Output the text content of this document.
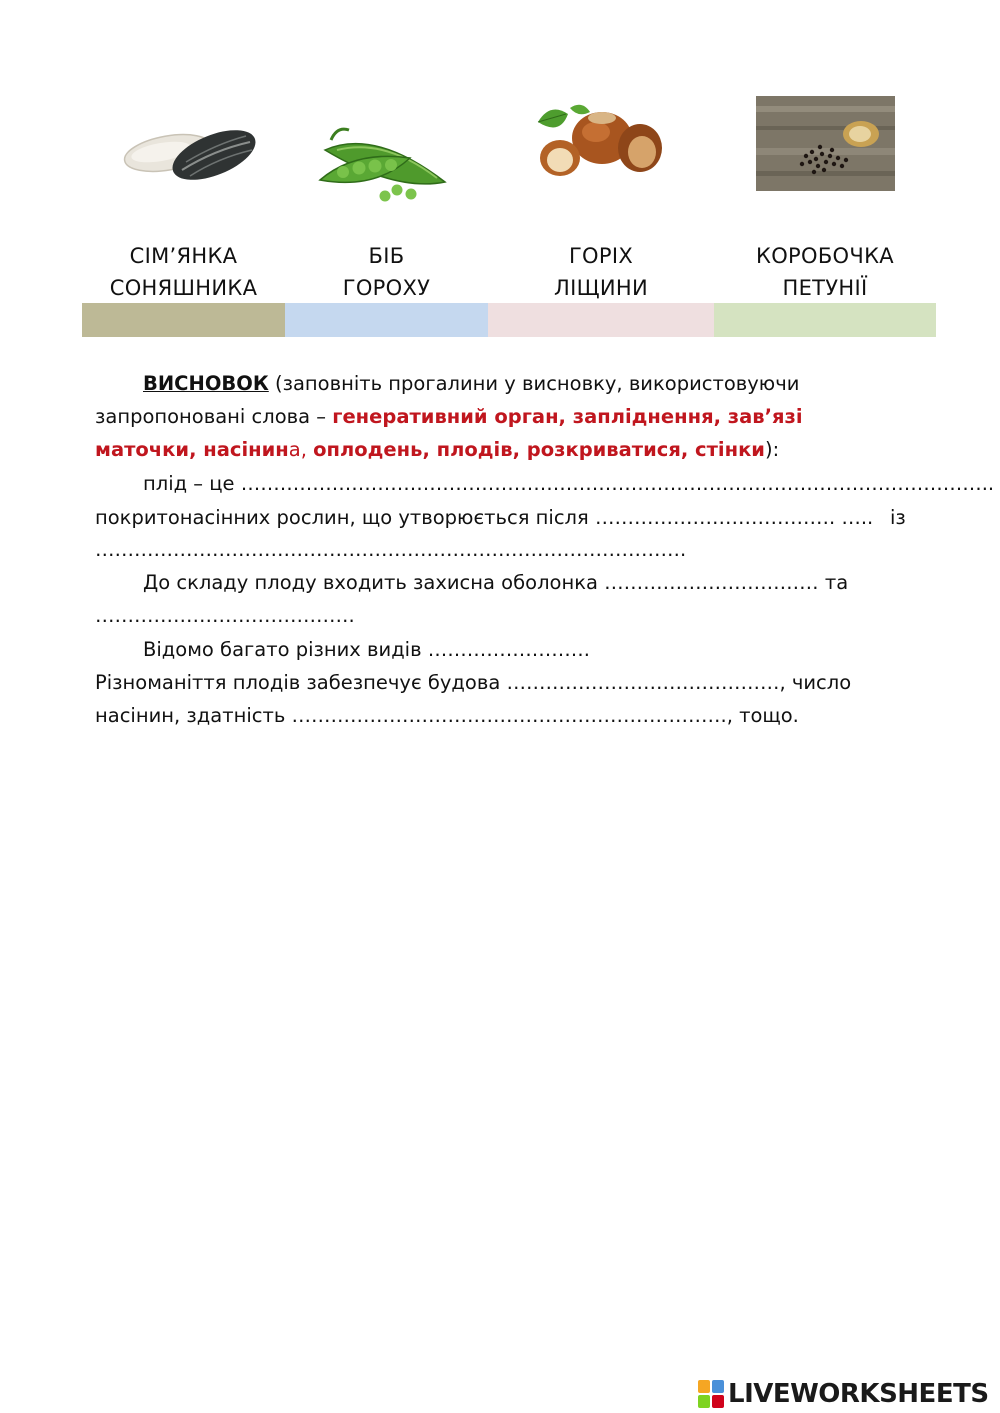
СІМ’ЯНКА
СОНЯШНИКА
БІБ
ГОРОХУ
ГОРІХ
ЛІЩИНИ
КОРОБОЧКА
ПЕТУНІЇ
ВИСНОВОК (заповніть прогалини у висновку, використовуючи
запропоновані слова – генеративний орган, запліднення, зав’язі
маточки, насінина, оплодень, плодів, розкриватися, стінки):
плід – це ……………………………………………………………………………………………………..
покритонасінних рослин, що утворюється після ………………………………. ….. із
……………………………………………………………………………….
До складу плоду входить захисна оболонка …………………………… та
………………………………….
Відомо багато різних видів …………………….
Різноманіття плодів забезпечує будова ……………………………………, число
насінин, здатність …………………………………………………………., тощо.
LIVEWORKSHEETS
